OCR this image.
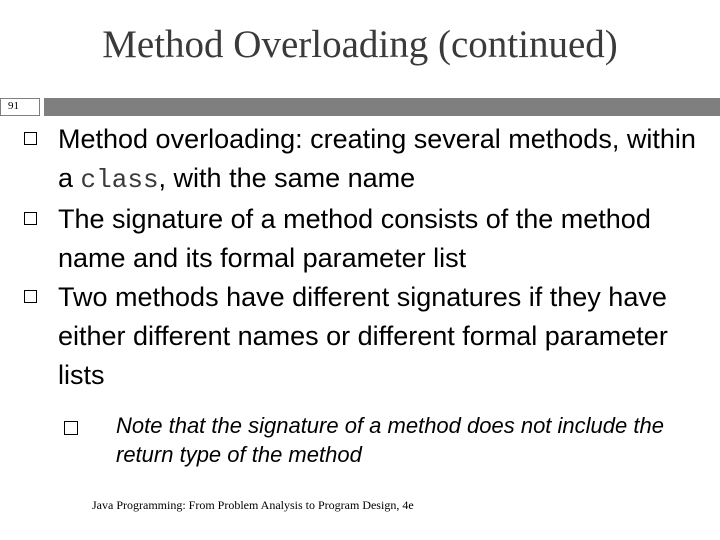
Method Overloading (continued)
91

Method overloading: creating several methods, within a class, with the same name

The signature of a method consists of the method name and its formal parameter list

Two methods have different signatures if they have either different names or different formal parameter lists

Note that the signature of a method does not include the return type of the method

Java Programming: From Problem Analysis to Program Design, 4e
